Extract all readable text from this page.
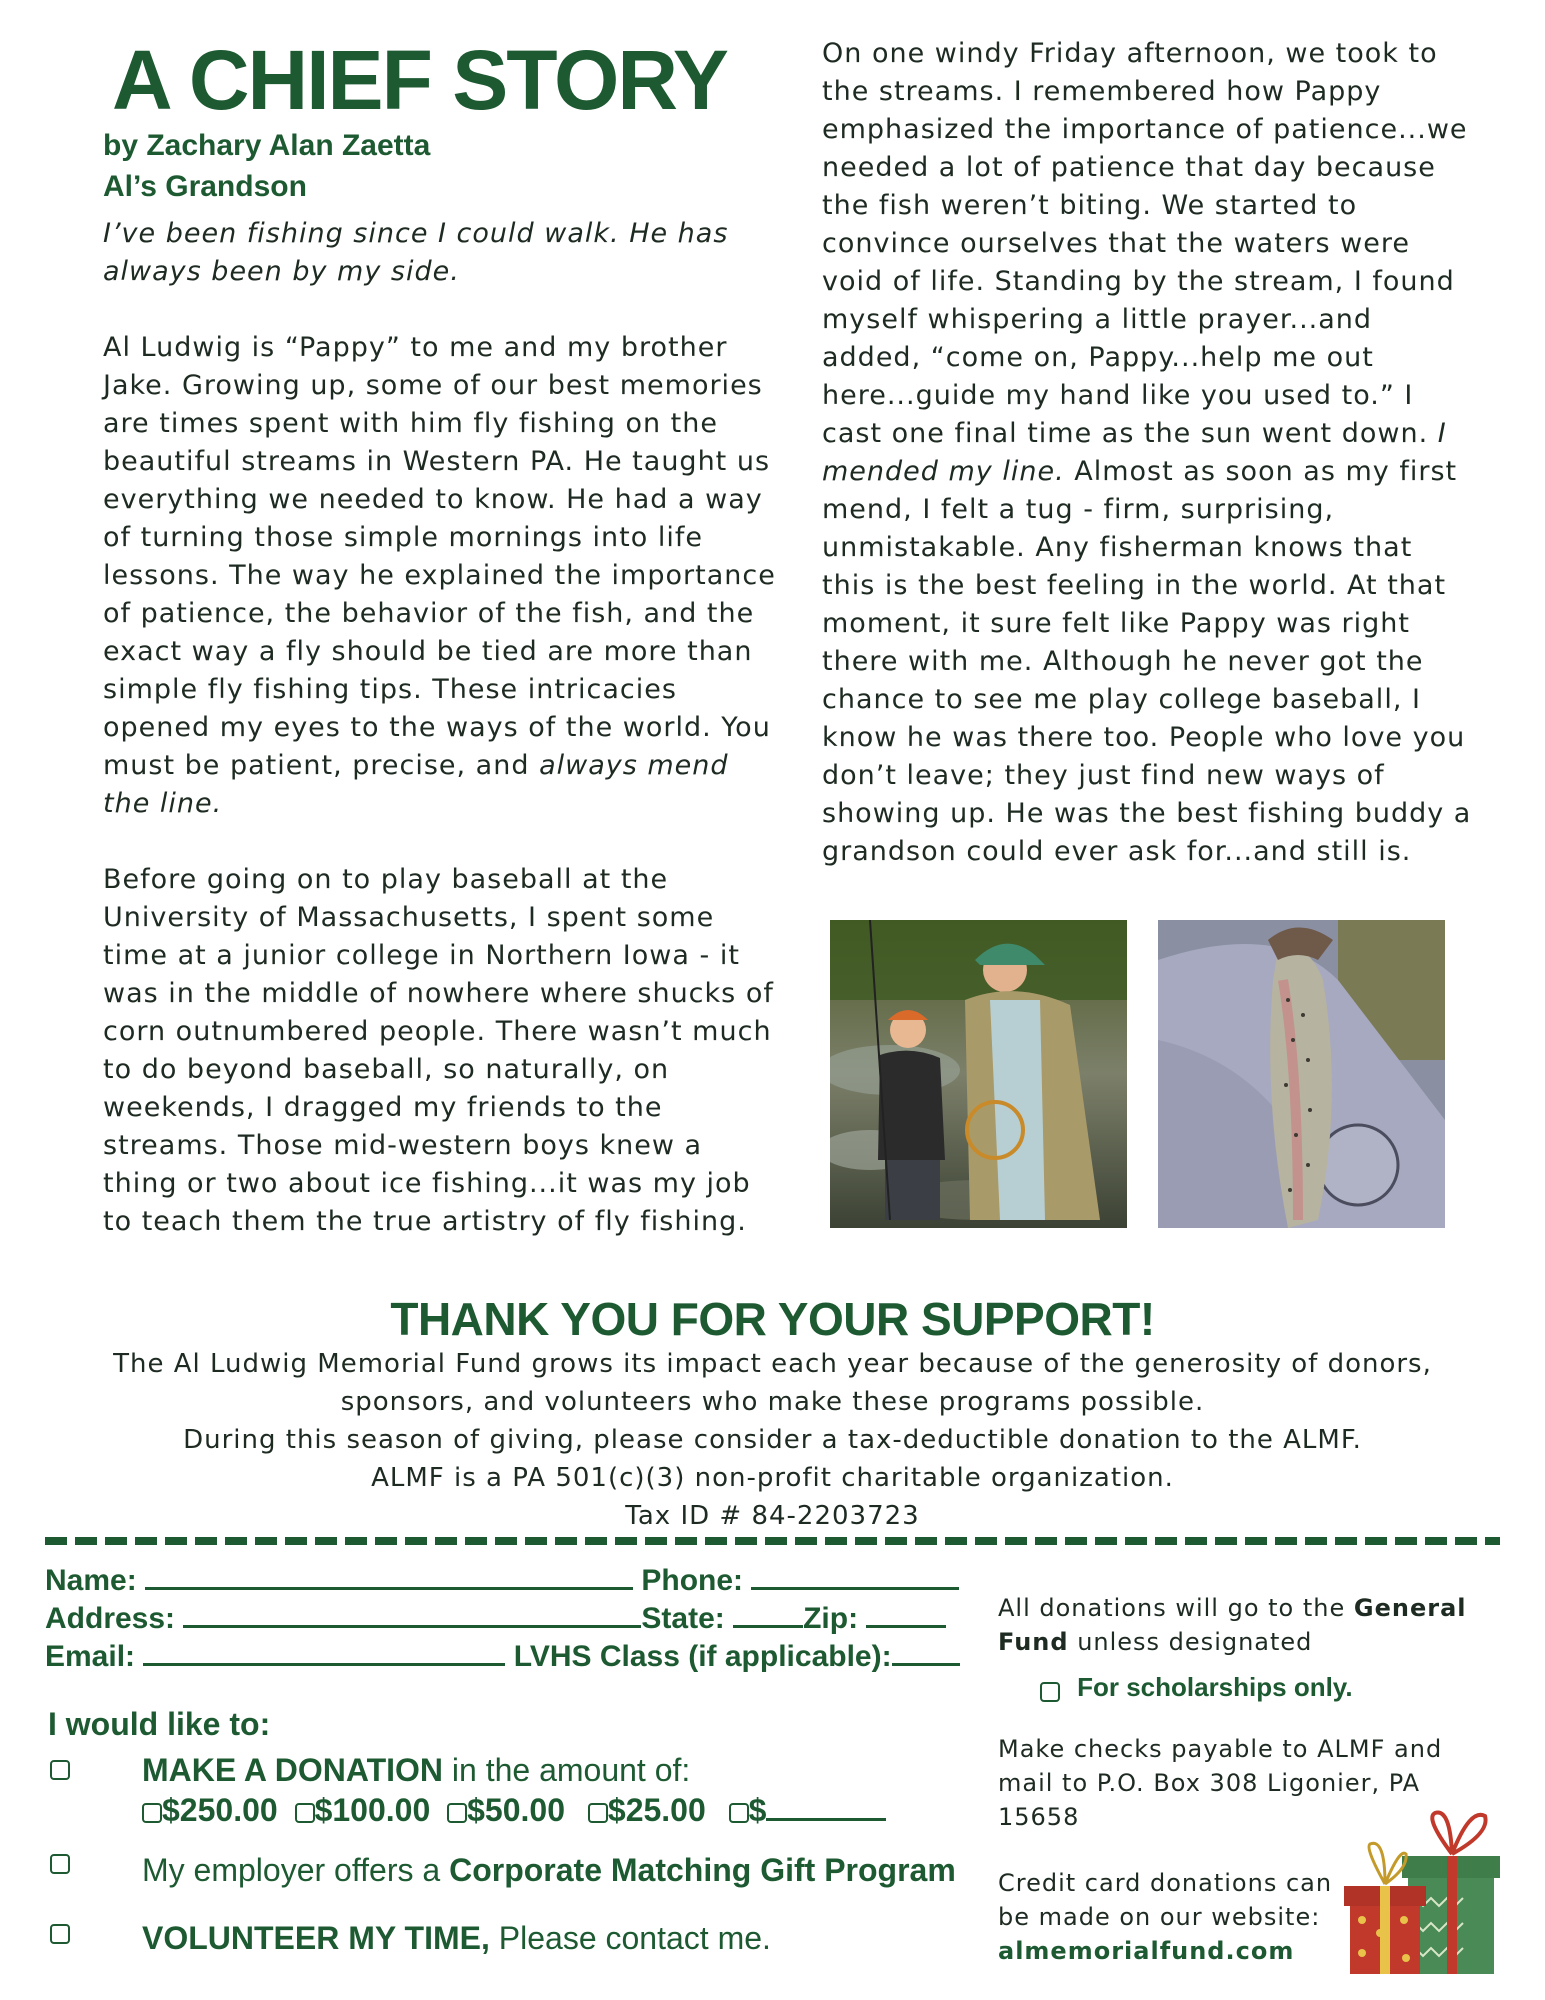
A CHIEF STORY
by Zachary Alan Zaetta
Al’s Grandson

I’ve been fishing since I could walk. He has always been by my side.

Al Ludwig is “Pappy” to me and my brother Jake. Growing up, some of our best memories are times spent with him fly fishing on the beautiful streams in Western PA. He taught us everything we needed to know. He had a way of turning those simple mornings into life lessons. The way he explained the importance of patience, the behavior of the fish, and the exact way a fly should be tied are more than simple fly fishing tips. These intricacies opened my eyes to the ways of the world. You must be patient, precise, and always mend the line.

Before going on to play baseball at the University of Massachusetts, I spent some time at a junior college in Northern Iowa - it was in the middle of nowhere where shucks of corn outnumbered people. There wasn’t much to do beyond baseball, so naturally, on weekends, I dragged my friends to the streams. Those mid-western boys knew a thing or two about ice fishing...it was my job to teach them the true artistry of fly fishing.

On one windy Friday afternoon, we took to the streams. I remembered how Pappy emphasized the importance of patience...we needed a lot of patience that day because the fish weren’t biting. We started to convince ourselves that the waters were void of life. Standing by the stream, I found myself whispering a little prayer...and added, “come on, Pappy...help me out here...guide my hand like you used to.” I cast one final time as the sun went down. I mended my line. Almost as soon as my first mend, I felt a tug - firm, surprising, unmistakable. Any fisherman knows that this is the best feeling in the world. At that moment, it sure felt like Pappy was right there with me. Although he never got the chance to see me play college baseball, I know he was there too. People who love you don’t leave; they just find new ways of showing up. He was the best fishing buddy a grandson could ever ask for...and still is.

THANK YOU FOR YOUR SUPPORT!
The Al Ludwig Memorial Fund grows its impact each year because of the generosity of donors,
sponsors, and volunteers who make these programs possible.
During this season of giving, please consider a tax-deductible donation to the ALMF.
ALMF is a PA 501(c)(3) non-profit charitable organization.
Tax ID # 84-2203723
Name:	Phone:
Address:	State:	Zip:
Email:	LVHS Class (if applicable):
I would like to:
MAKE A DONATION in the amount of:
$250.00 $100.00 $50.00 $25.00 $
My employer offers a Corporate Matching Gift Program
VOLUNTEER MY TIME, Please contact me.
All donations will go to the General Fund unless designated
For scholarships only.
Make checks payable to ALMF and mail to P.O. Box 308 Ligonier, PA 15658
Credit card donations can be made on our website:
almemorialfund.com
